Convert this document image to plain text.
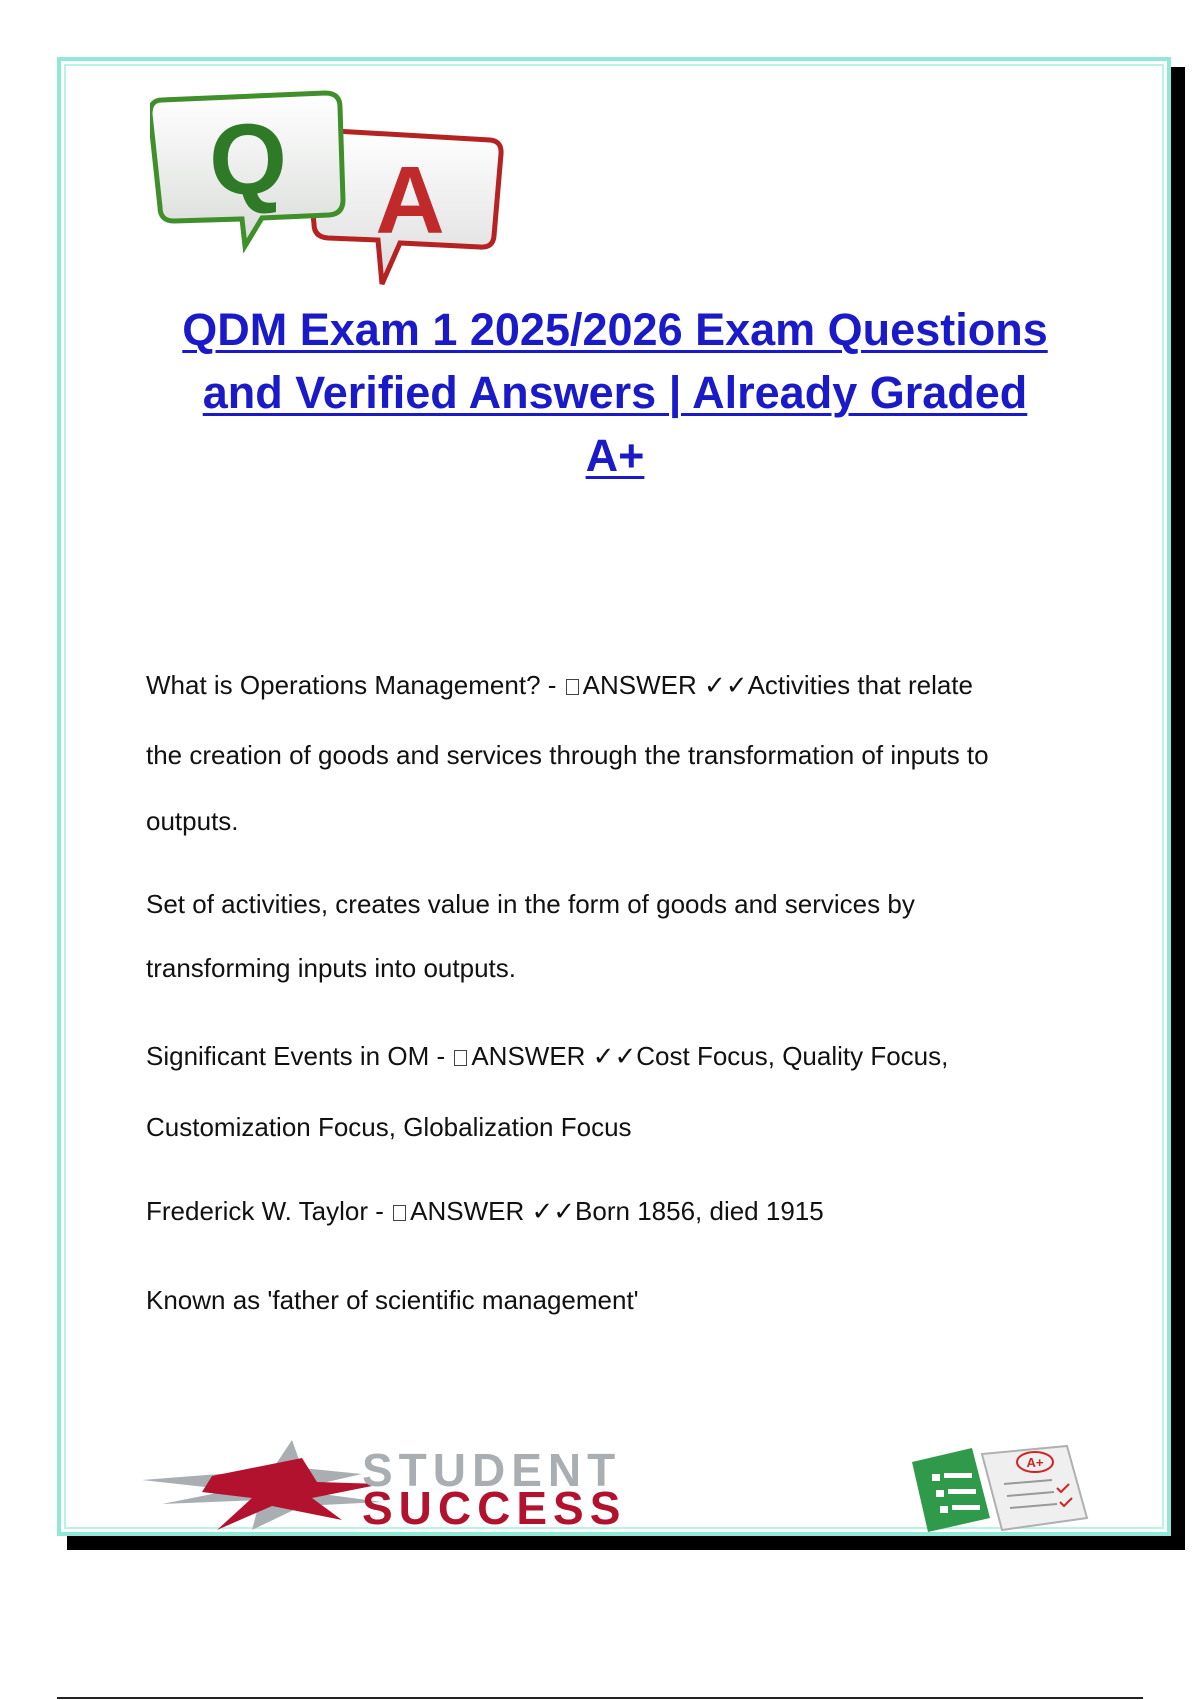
A
Q
QDM Exam 1 2025/2026 Exam Questions
and Verified Answers | Already Graded
A+
What is Operations Management? - ANSWER ✓✓Activities that relate
the creation of goods and services through the transformation of inputs to
outputs.
Set of activities, creates value in the form of goods and services by
transforming inputs into outputs.
Significant Events in OM - ANSWER ✓✓Cost Focus, Quality Focus,
Customization Focus, Globalization Focus
Frederick W. Taylor - ANSWER ✓✓Born 1856, died 1915
Known as 'father of scientific management'
STUDENT
SUCCESS
A+
